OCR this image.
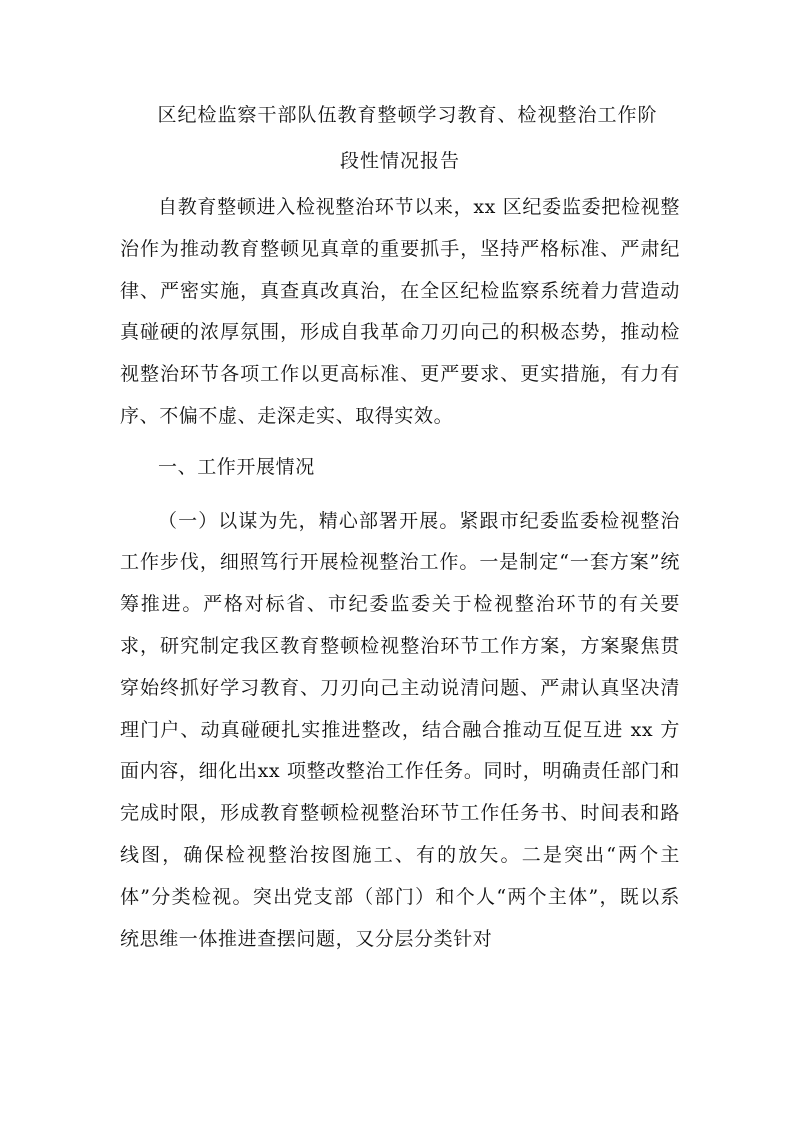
区纪检监察干部队伍教育整顿学习教育、检视整治工作阶
段性情况报告

自教育整顿进入检视整治环节以来，xx 区纪委监委把检视整治作为推动教育整顿见真章的重要抓手，坚持严格标准、严肃纪律、严密实施，真查真改真治，在全区纪检监察系统着力营造动真碰硬的浓厚氛围，形成自我革命刀刃向己的积极态势，推动检视整治环节各项工作以更高标准、更严要求、更实措施，有力有序、不偏不虚、走深走实、取得实效。

一、工作开展情况

（一）以谋为先，精心部署开展。紧跟市纪委监委检视整治工作步伐，细照笃行开展检视整治工作。一是制定“一套方案”统筹推进。严格对标省、市纪委监委关于检视整治环节的有关要求，研究制定我区教育整顿检视整治环节工作方案，方案聚焦贯穿始终抓好学习教育、刀刃向己主动说清问题、严肃认真坚决清理门户、动真碰硬扎实推进整改，结合融合推动互促互进 xx 方面内容，细化出xx 项整改整治工作任务。同时，明确责任部门和完成时限，形成教育整顿检视整治环节工作任务书、时间表和路线图，确保检视整治按图施工、有的放矢。二是突出“两个主体”分类检视。突出党支部（部门）和个人“两个主体”，既以系统思维一体推进查摆问题，又分层分类针对
